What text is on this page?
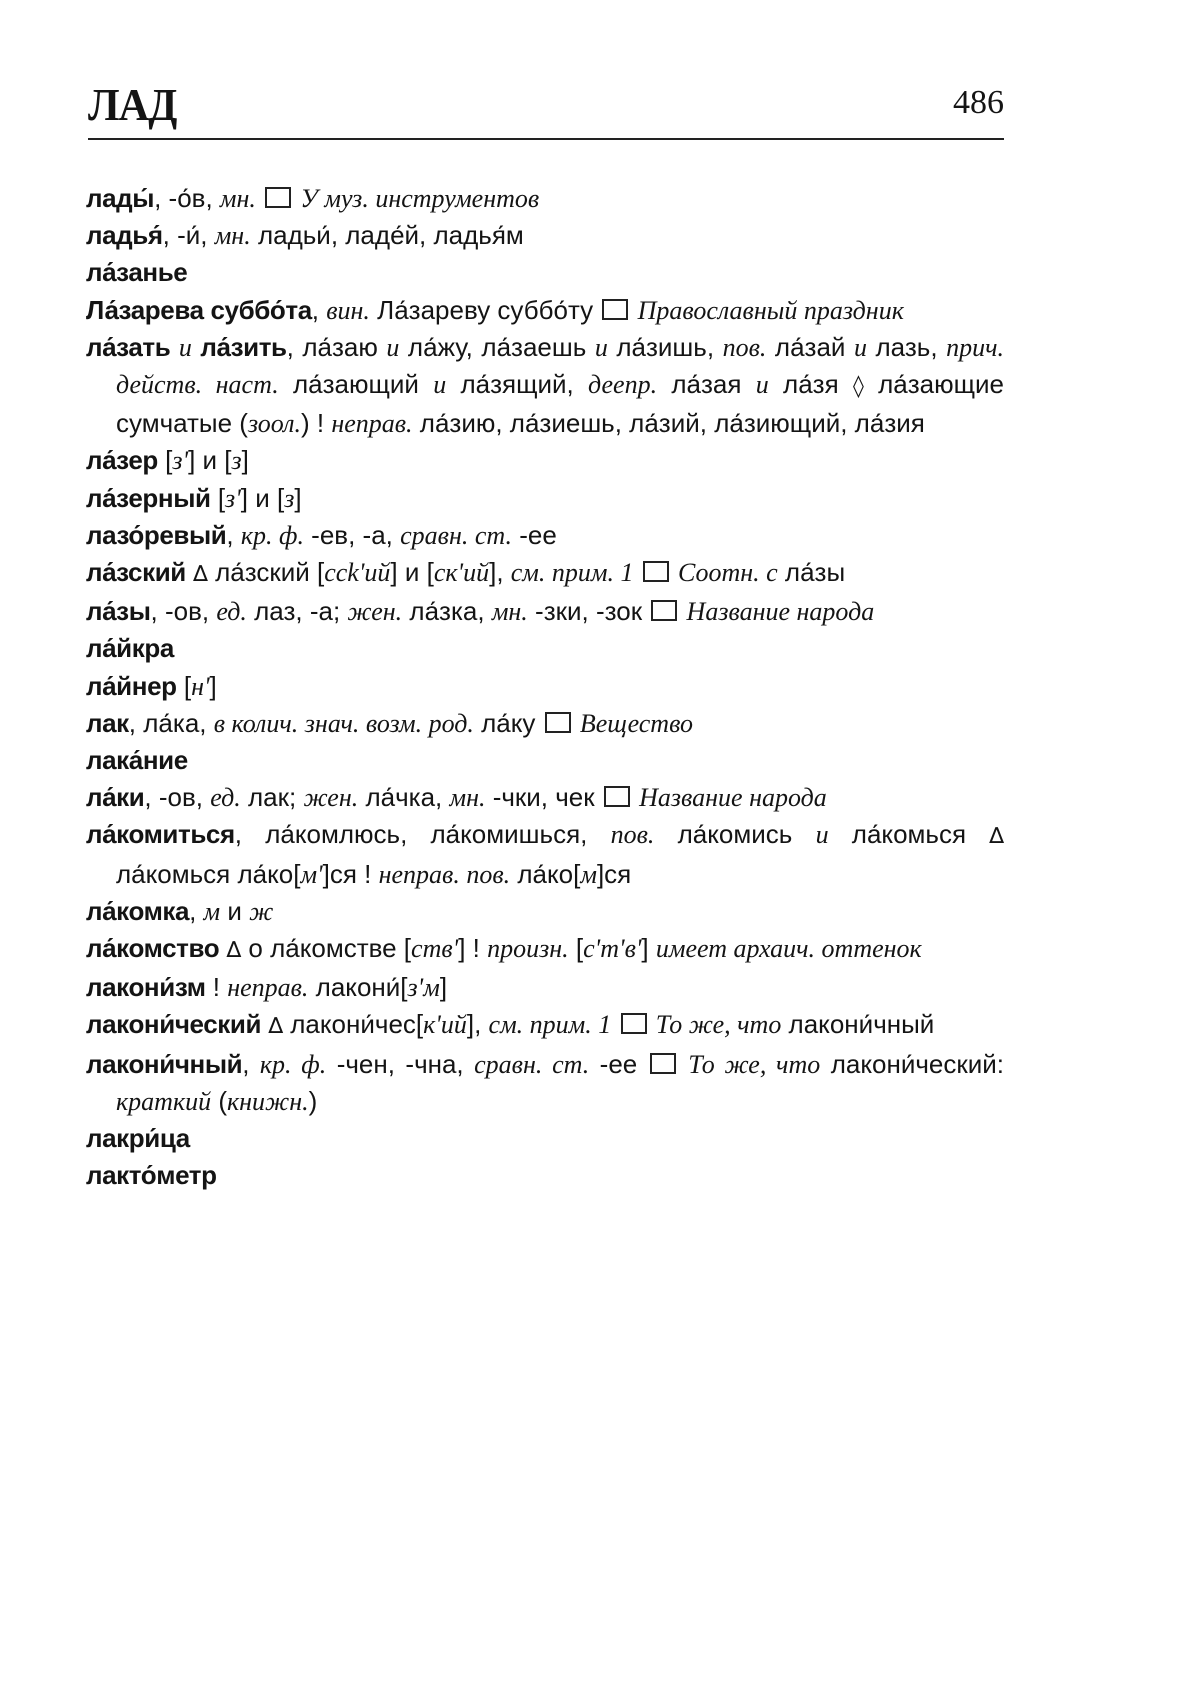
ЛАД	486
лады́, -о́в, мн. У муз. инструментов
ладья́, -и́, мн. ладьи́, ладе́й, ладья́м
ла́занье
Ла́зарева суббо́та, вин. Ла́зареву суббо́ту  Православный праздник
ла́зать и ла́зить, ла́заю и ла́жу, ла́заешь и ла́зишь, пов. ла́зай и лазь, прич. действ. наст. ла́зающий и ла́зящий, деепр. ла́зая и ла́зя ◊ ла́зающие сумчатые (зоол.) ! неправ. ла́зию, ла́зиешь, ла́зий, ла́зиющий, ла́зия
ла́зер [з'] и [з]
ла́зерный [з'] и [з]
лазо́ревый, кр. ф. -ев, -а, сравн. ст. -ее
ла́зский ∆ ла́зский [ссk'ий] и [ск'ий], см. прим. 1 Соотн. с ла́зы
ла́зы, -ов, ед. лаз, -а; жен. ла́зка, мн. -зки, -зок  Название народа
ла́йкра
ла́йнер [н']
лак, ла́ка, в колич. знач. возм. род. ла́ку  Вещество
лака́ние
ла́ки, -ов, ед. лак; жен. ла́чка, мн. -чки, чек  Название народа
ла́комиться, ла́комлюсь, ла́комишься, пов. ла́комись и ла́комься ∆ ла́комься ла́ко[м']ся ! неправ. пов. ла́ко[м]ся
ла́комка, м и ж
ла́комство ∆ о ла́комстве [ств'] ! произн. [с'т'в'] имеет архаич. оттенок
лакони́зм ! неправ. лакони́[з'м]
лакони́ческий ∆ лакони́чес[к'ий], см. прим. 1 То же, что лакони́чный
лакони́чный, кр. ф. -чен, -чна, сравн. ст. -ее  То же, что лакони́ческий: краткий (книжн.)
лакри́ца
лакто́метр
